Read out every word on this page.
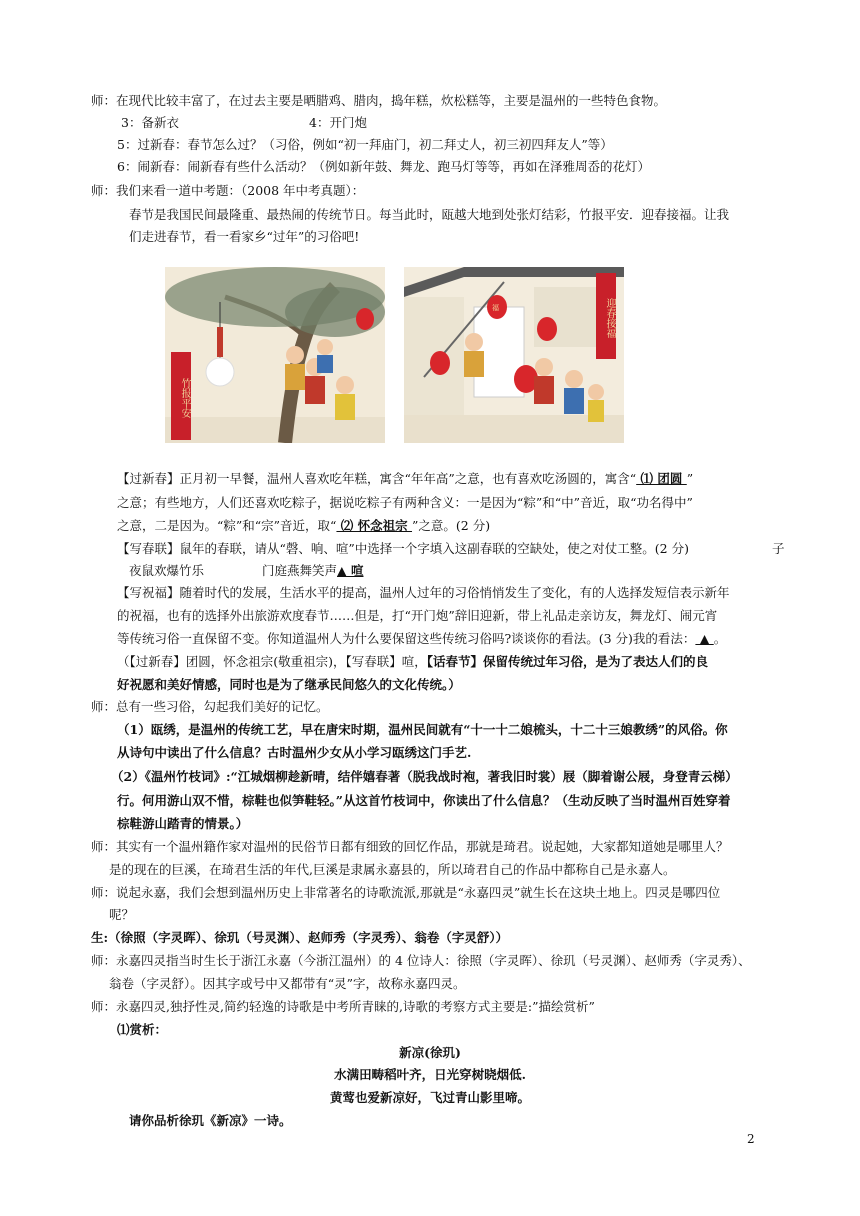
师：在现代比较丰富了，在过去主要是晒腊鸡、腊肉，捣年糕，炊松糕等，主要是温州的一些特色食物。
3：备新衣	4：开门炮
5：过新春：春节怎么过？（习俗，例如“初一拜庙门，初二拜丈人，初三初四拜友人”等）
6：闹新春：闹新春有些什么活动？（例如新年鼓、舞龙、跑马灯等等，再如在泽雅周岙的花灯）
师：我们来看一道中考题：（2008 年中考真题）：
春节是我国民间最隆重、最热闹的传统节日。每当此时，瓯越大地到处张灯结彩，竹报平安．迎春接福。让我
们走进春节，看一看家乡“过年”的习俗吧!
竹报平安
迎春接福
福
【过新春】正月初一早餐，温州人喜欢吃年糕，寓含“年年高”之意，也有喜欢吃汤圆的，寓含“ ⑴ 团圆 ”
之意；有些地方，人们还喜欢吃粽子，据说吃粽子有两种含义：一是因为“粽”和“中”音近，取“功名得中”
之意，二是因为。“粽”和“宗”音近，取“ ⑵ 怀念祖宗 ”之意。(2 分)
【写春联】鼠年的春联，请从“磬、响、喧”中选择一个字填入这副春联的空缺处，使之对仗工整。(2 分)	子
夜鼠欢爆竹乐	门庭燕舞笑声▲ 喧
【写祝福】随着时代的发展，生活水平的提高，温州人过年的习俗悄悄发生了变化，有的人选择发短信表示新年
的祝福，也有的选择外出旅游欢度春节……但是，打“开门炮”辞旧迎新，带上礼品走亲访友，舞龙灯、闹元宵
等传统习俗一直保留不变。你知道温州人为什么要保留这些传统习俗吗?谈谈你的看法。(3 分)我的看法： ▲ 。
（【过新春】团圆，怀念祖宗(敬重祖宗)，【写春联】喧，【话春节】保留传统过年习俗，是为了表达人们的良
好祝愿和美好情感，同时也是为了继承民间悠久的文化传统。）
师：总有一些习俗，勾起我们美好的记忆。
（1）瓯绣，是温州的传统工艺，早在唐宋时期，温州民间就有“十一十二娘梳头，十二十三娘教绣”的风俗。你
从诗句中读出了什么信息？古时温州少女从小学习瓯绣这门手艺.
（2）《温州竹枝词》:“江城烟柳趁新晴，结伴嬉春著（脱我战时袍，著我旧时裳）屐（脚着谢公屐，身登青云梯）
行。何用游山双不惜，棕鞋也似笋鞋轻。”从这首竹枝词中，你读出了什么信息？（生动反映了当时温州百姓穿着
棕鞋游山踏青的情景。）
师：其实有一个温州籍作家对温州的民俗节日都有细致的回忆作品，那就是琦君。说起她，大家都知道她是哪里人？
是的现在的巨溪，在琦君生活的年代,巨溪是隶属永嘉县的，所以琦君自己的作品中都称自己是永嘉人。
师：说起永嘉，我们会想到温州历史上非常著名的诗歌流派,那就是“永嘉四灵”就生长在这块土地上。四灵是哪四位
呢？
生:（徐照（字灵晖）、徐玑（号灵渊）、赵师秀（字灵秀）、翁卷（字灵舒））
师：永嘉四灵指当时生长于浙江永嘉（今浙江温州）的 4 位诗人：徐照（字灵晖）、徐玑（号灵渊）、赵师秀（字灵秀）、
翁卷（字灵舒）。因其字或号中又都带有“灵”字，故称永嘉四灵。
师：永嘉四灵,独抒性灵,简约轻逸的诗歌是中考所青睐的,诗歌的考察方式主要是:”描绘赏析”
⑴赏析：
新凉(徐玑)
水满田畴稻叶齐，日光穿树晓烟低.
黄莺也爱新凉好，飞过青山影里啼。
请你品析徐玑《新凉》一诗。
2
